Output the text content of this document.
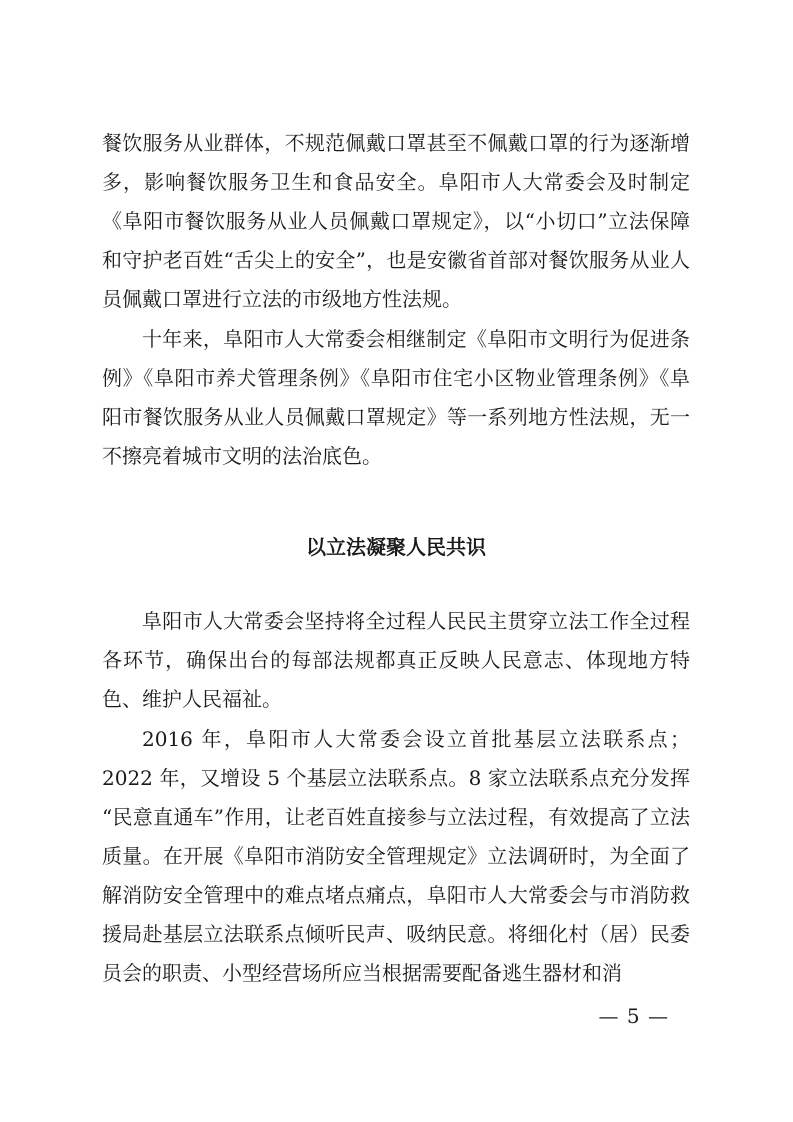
餐饮服务从业群体，不规范佩戴口罩甚至不佩戴口罩的行为逐渐增多，影响餐饮服务卫生和食品安全。阜阳市人大常委会及时制定《阜阳市餐饮服务从业人员佩戴口罩规定》，以“小切口”立法保障和守护老百姓“舌尖上的安全”，也是安徽省首部对餐饮服务从业人员佩戴口罩进行立法的市级地方性法规。

十年来，阜阳市人大常委会相继制定《阜阳市文明行为促进条例》《阜阳市养犬管理条例》《阜阳市住宅小区物业管理条例》《阜阳市餐饮服务从业人员佩戴口罩规定》等一系列地方性法规，无一不擦亮着城市文明的法治底色。

以立法凝聚人民共识

阜阳市人大常委会坚持将全过程人民民主贯穿立法工作全过程各环节，确保出台的每部法规都真正反映人民意志、体现地方特色、维护人民福祉。

2016 年，阜阳市人大常委会设立首批基层立法联系点；2022 年，又增设 5 个基层立法联系点。8 家立法联系点充分发挥 “民意直通车”作用，让老百姓直接参与立法过程，有效提高了立法质量。在开展《阜阳市消防安全管理规定》立法调研时，为全面了解消防安全管理中的难点堵点痛点，阜阳市人大常委会与市消防救援局赴基层立法联系点倾听民声、吸纳民意。将细化村（居）民委员会的职责、小型经营场所应当根据需要配备逃生器材和消

— 5 —
